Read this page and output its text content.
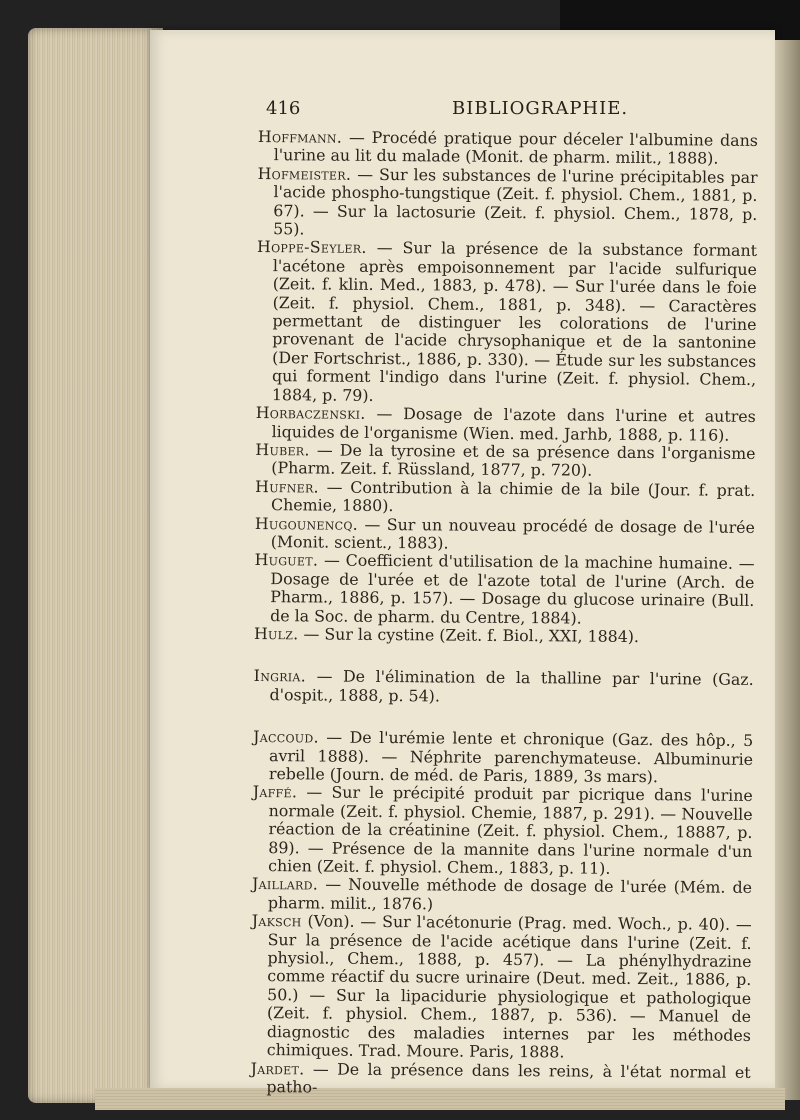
416	BIBLIOGRAPHIE.

Hoffmann. — Procédé pratique pour déceler l'albumine dans l'urine au lit du malade (Monit. de pharm. milit., 1888).

Hofmeister. — Sur les substances de l'urine précipitables par l'acide phospho-tungstique (Zeit. f. physiol. Chem., 1881, p. 67). — Sur la lactosurie (Zeit. f. physiol. Chem., 1878, p. 55).

Hoppe-Seyler. — Sur la présence de la substance formant l'acétone après empoisonnement par l'acide sulfurique (Zeit. f. klin. Med., 1883, p. 478). — Sur l'urée dans le foie (Zeit. f. physiol. Chem., 1881, p. 348). — Caractères permettant de distinguer les colorations de l'urine provenant de l'acide chrysophanique et de la santonine (Der Fortschrist., 1886, p. 330). — Étude sur les substances qui forment l'indigo dans l'urine (Zeit. f. physiol. Chem., 1884, p. 79).

Horbaczenski. — Dosage de l'azote dans l'urine et autres liquides de l'organisme (Wien. med. Jarhb, 1888, p. 116).

Huber. — De la tyrosine et de sa présence dans l'organisme (Pharm. Zeit. f. Rüssland, 1877, p. 720).

Hufner. — Contribution à la chimie de la bile (Jour. f. prat. Chemie, 1880).

Hugounencq. — Sur un nouveau procédé de dosage de l'urée (Monit. scient., 1883).

Huguet. — Coefficient d'utilisation de la machine humaine. — Dosage de l'urée et de l'azote total de l'urine (Arch. de Pharm., 1886, p. 157). — Dosage du glucose urinaire (Bull. de la Soc. de pharm. du Centre, 1884).

Hulz. — Sur la cystine (Zeit. f. Biol., XXI, 1884).

Ingria. — De l'élimination de la thalline par l'urine (Gaz. d'ospit., 1888, p. 54).

Jaccoud. — De l'urémie lente et chronique (Gaz. des hôp., 5 avril 1888). — Néphrite parenchymateuse. Albuminurie rebelle (Journ. de méd. de Paris, 1889, 3s mars).

Jaffé. — Sur le précipité produit par picrique dans l'urine normale (Zeit. f. physiol. Chemie, 1887, p. 291). — Nouvelle réaction de la créatinine (Zeit. f. physiol. Chem., 18887, p. 89). — Présence de la mannite dans l'urine normale d'un chien (Zeit. f. physiol. Chem., 1883, p. 11).

Jaillard. — Nouvelle méthode de dosage de l'urée (Mém. de pharm. milit., 1876.)

Jaksch (Von). — Sur l'acétonurie (Prag. med. Woch., p. 40). — Sur la présence de l'acide acétique dans l'urine (Zeit. f. physiol., Chem., 1888, p. 457). — La phénylhydrazine comme réactif du sucre urinaire (Deut. med. Zeit., 1886, p. 50.) — Sur la lipacidurie physiologique et pathologique (Zeit. f. physiol. Chem., 1887, p. 536). — Manuel de diagnostic des maladies internes par les méthodes chimiques. Trad. Moure. Paris, 1888.

Jardet. — De la présence dans les reins, à l'état normal et patho-
